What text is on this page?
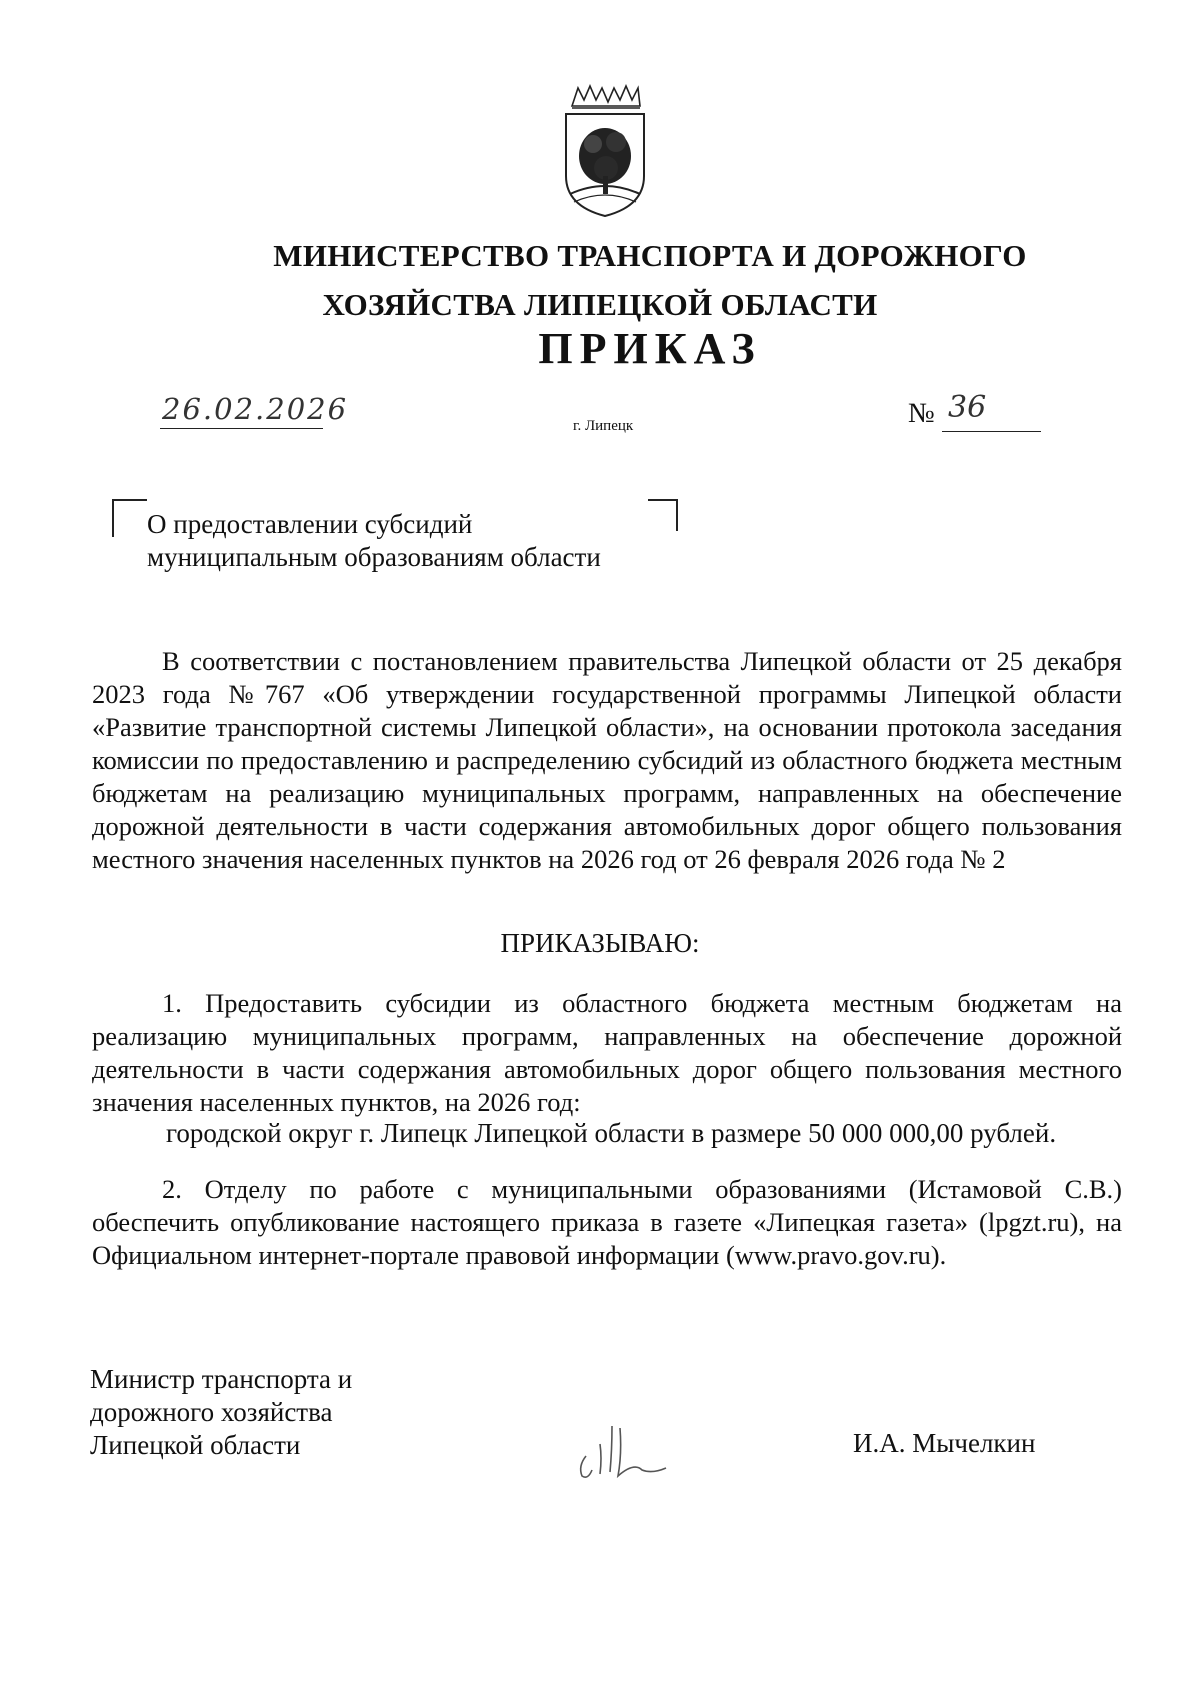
МИНИСТЕРСТВО ТРАНСПОРТА И ДОРОЖНОГО
ХОЗЯЙСТВА ЛИПЕЦКОЙ ОБЛАСТИ
ПРИКАЗ
26.02.2026	г. Липецк	№ 36
О предоставлении субсидий
муниципальным образованиям области
В соответствии с постановлением правительства Липецкой области от 25 декабря 2023 года №767 «Об утверждении государственной программы Липецкой области «Развитие транспортной системы Липецкой области», на основании протокола заседания комиссии по предоставлению и распределению субсидий из областного бюджета местным бюджетам на реализацию муниципальных программ, направленных на обеспечение дорожной деятельности в части содержания автомобильных дорог общего пользования местного значения населенных пунктов на 2026 год от 26 февраля 2026 года № 2
ПРИКАЗЫВАЮ:
1. Предоставить субсидии из областного бюджета местным бюджетам на реализацию муниципальных программ, направленных на обеспечение дорожной деятельности в части содержания автомобильных дорог общего пользования местного значения населенных пунктов, на 2026 год:
городской округ г. Липецк Липецкой области в размере 50 000 000,00 рублей.
2. Отделу по работе с муниципальными образованиями (Истамовой С.В.) обеспечить опубликование настоящего приказа в газете «Липецкая газета» (lpgzt.ru), на Официальном интернет-портале правовой информации (www.pravo.gov.ru).
Министр транспорта и
дорожного хозяйства
Липецкой области	И.А. Мычелкин
